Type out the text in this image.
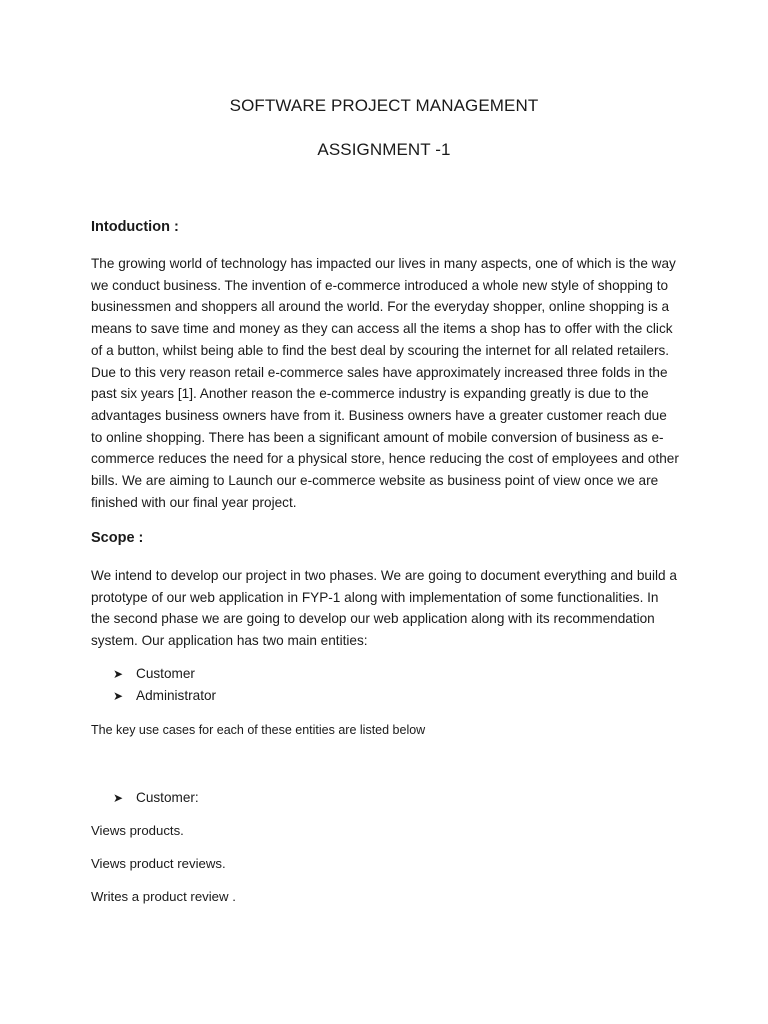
SOFTWARE PROJECT MANAGEMENT

ASSIGNMENT -1

Intoduction :

The growing world of technology has impacted our lives in many aspects, one of which is the way we conduct business. The invention of e-commerce introduced a whole new style of shopping to businessmen and shoppers all around the world. For the everyday shopper, online shopping is a means to save time and money as they can access all the items a shop has to offer with the click of a button, whilst being able to find the best deal by scouring the internet for all related retailers. Due to this very reason retail e-commerce sales have approximately increased three folds in the past six years [1]. Another reason the e-commerce industry is expanding greatly is due to the advantages business owners have from it. Business owners have a greater customer reach due to online shopping. There has been a significant amount of mobile conversion of business as e-commerce reduces the need for a physical store, hence reducing the cost of employees and other bills. We are aiming to Launch our e-commerce website as business point of view once we are finished with our final year project.

Scope :

We intend to develop our project in two phases. We are going to document everything and build a prototype of our web application in FYP-1 along with implementation of some functionalities. In the second phase we are going to develop our web application along with its recommendation system. Our application has two main entities:

➤ Customer
➤ Administrator

The key use cases for each of these entities are listed below

➤ Customer:

Views products.

Views product reviews.

Writes a product review .
